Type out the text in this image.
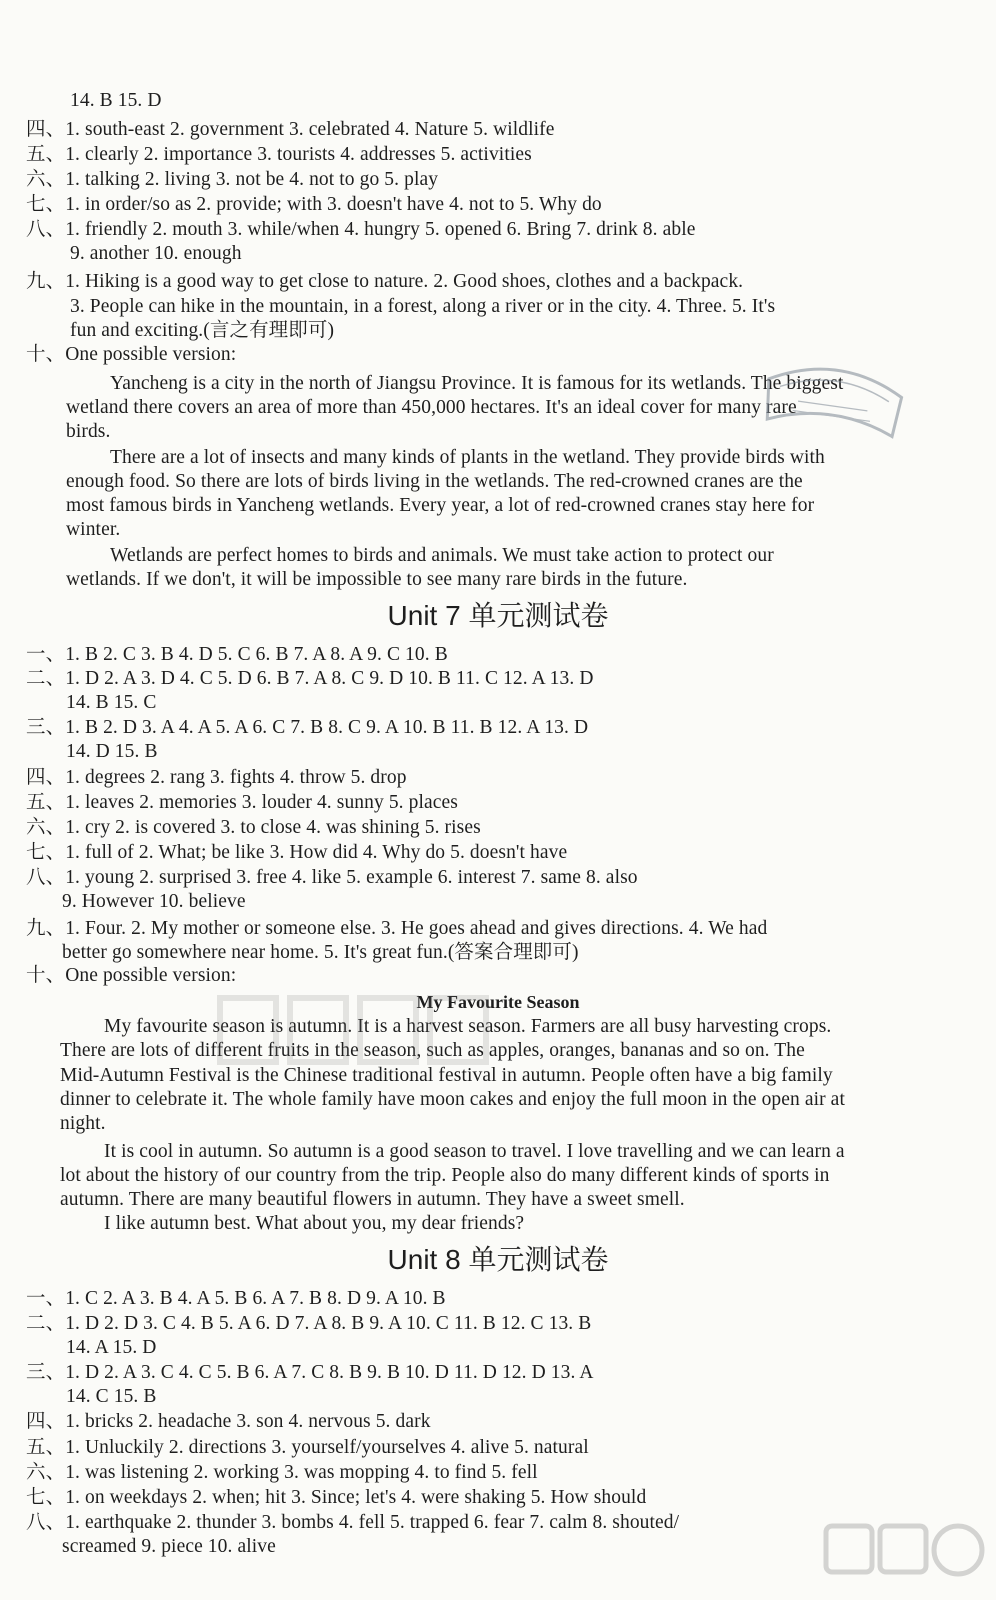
14. B 15. D
四、1. south-east 2. government 3. celebrated 4. Nature 5. wildlife
五、1. clearly 2. importance 3. tourists 4. addresses 5. activities
六、1. talking 2. living 3. not be 4. not to go 5. play
七、1. in order/so as 2. provide; with 3. doesn't have 4. not to 5. Why do
八、1. friendly 2. mouth 3. while/when 4. hungry 5. opened 6. Bring 7. drink 8. able
9. another 10. enough
九、1. Hiking is a good way to get close to nature. 2. Good shoes, clothes and a backpack.
3. People can hike in the mountain, in a forest, along a river or in the city. 4. Three. 5. It's
fun and exciting.(言之有理即可)
十、One possible version:
Yancheng is a city in the north of Jiangsu Province. It is famous for its wetlands. The biggest
wetland there covers an area of more than 450,000 hectares. It's an ideal cover for many rare
birds.
There are a lot of insects and many kinds of plants in the wetland. They provide birds with
enough food. So there are lots of birds living in the wetlands. The red-crowned cranes are the
most famous birds in Yancheng wetlands. Every year, a lot of red-crowned cranes stay here for
winter.
Wetlands are perfect homes to birds and animals. We must take action to protect our
wetlands. If we don't, it will be impossible to see many rare birds in the future.
Unit 7 单元测试卷
一、1. B 2. C 3. B 4. D 5. C 6. B 7. A 8. A 9. C 10. B
二、1. D 2. A 3. D 4. C 5. D 6. B 7. A 8. C 9. D 10. B 11. C 12. A 13. D
14. B 15. C
三、1. B 2. D 3. A 4. A 5. A 6. C 7. B 8. C 9. A 10. B 11. B 12. A 13. D
14. D 15. B
四、1. degrees 2. rang 3. fights 4. throw 5. drop
五、1. leaves 2. memories 3. louder 4. sunny 5. places
六、1. cry 2. is covered 3. to close 4. was shining 5. rises
七、1. full of 2. What; be like 3. How did 4. Why do 5. doesn't have
八、1. young 2. surprised 3. free 4. like 5. example 6. interest 7. same 8. also
9. However 10. believe
九、1. Four. 2. My mother or someone else. 3. He goes ahead and gives directions. 4. We had
better go somewhere near home. 5. It's great fun.(答案合理即可)
十、One possible version:
My Favourite Season
My favourite season is autumn. It is a harvest season. Farmers are all busy harvesting crops.
There are lots of different fruits in the season, such as apples, oranges, bananas and so on. The
Mid-Autumn Festival is the Chinese traditional festival in autumn. People often have a big family
dinner to celebrate it. The whole family have moon cakes and enjoy the full moon in the open air at
night.
It is cool in autumn. So autumn is a good season to travel. I love travelling and we can learn a
lot about the history of our country from the trip. People also do many different kinds of sports in
autumn. There are many beautiful flowers in autumn. They have a sweet smell.
I like autumn best. What about you, my dear friends?
Unit 8 单元测试卷
一、1. C 2. A 3. B 4. A 5. B 6. A 7. B 8. D 9. A 10. B
二、1. D 2. D 3. C 4. B 5. A 6. D 7. A 8. B 9. A 10. C 11. B 12. C 13. B
14. A 15. D
三、1. D 2. A 3. C 4. C 5. B 6. A 7. C 8. B 9. B 10. D 11. D 12. D 13. A
14. C 15. B
四、1. bricks 2. headache 3. son 4. nervous 5. dark
五、1. Unluckily 2. directions 3. yourself/yourselves 4. alive 5. natural
六、1. was listening 2. working 3. was mopping 4. to find 5. fell
七、1. on weekdays 2. when; hit 3. Since; let's 4. were shaking 5. How should
八、1. earthquake 2. thunder 3. bombs 4. fell 5. trapped 6. fear 7. calm 8. shouted/
screamed 9. piece 10. alive
